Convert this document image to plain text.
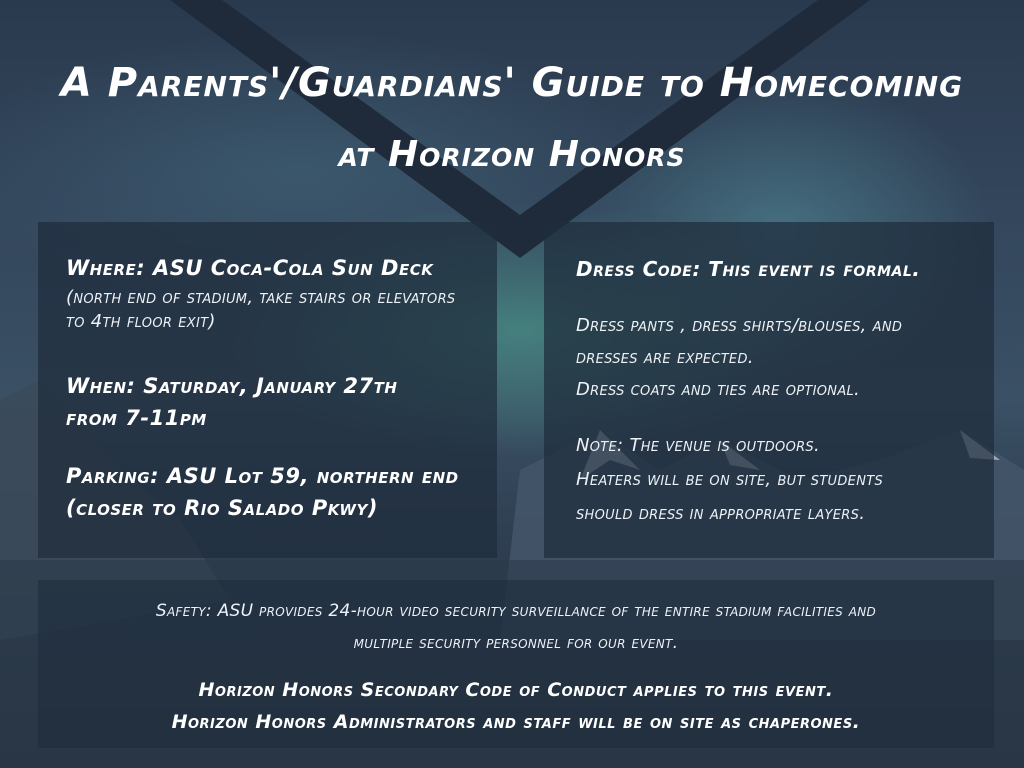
A Parents'/Guardians' Guide to Homecoming
at Horizon Honors
Where: ASU Coca-Cola Sun Deck
(north end of stadium, take stairs or elevators to 4th floor exit)
When: Saturday, January 27th
from 7-11pm
Parking: ASU Lot 59, northern end
(closer to Rio Salado Pkwy)
Dress Code: This event is formal.
Dress pants , dress shirts/blouses, and
dresses are expected.
Dress coats and ties are optional.
Note: The venue is outdoors.
Heaters will be on site, but students
should dress in appropriate layers.
Safety: ASU provides 24-hour video security surveillance of the entire stadium facilities and
multiple security personnel for our event.
Horizon Honors Secondary Code of Conduct applies to this event.
Horizon Honors Administrators and staff will be on site as chaperones.
